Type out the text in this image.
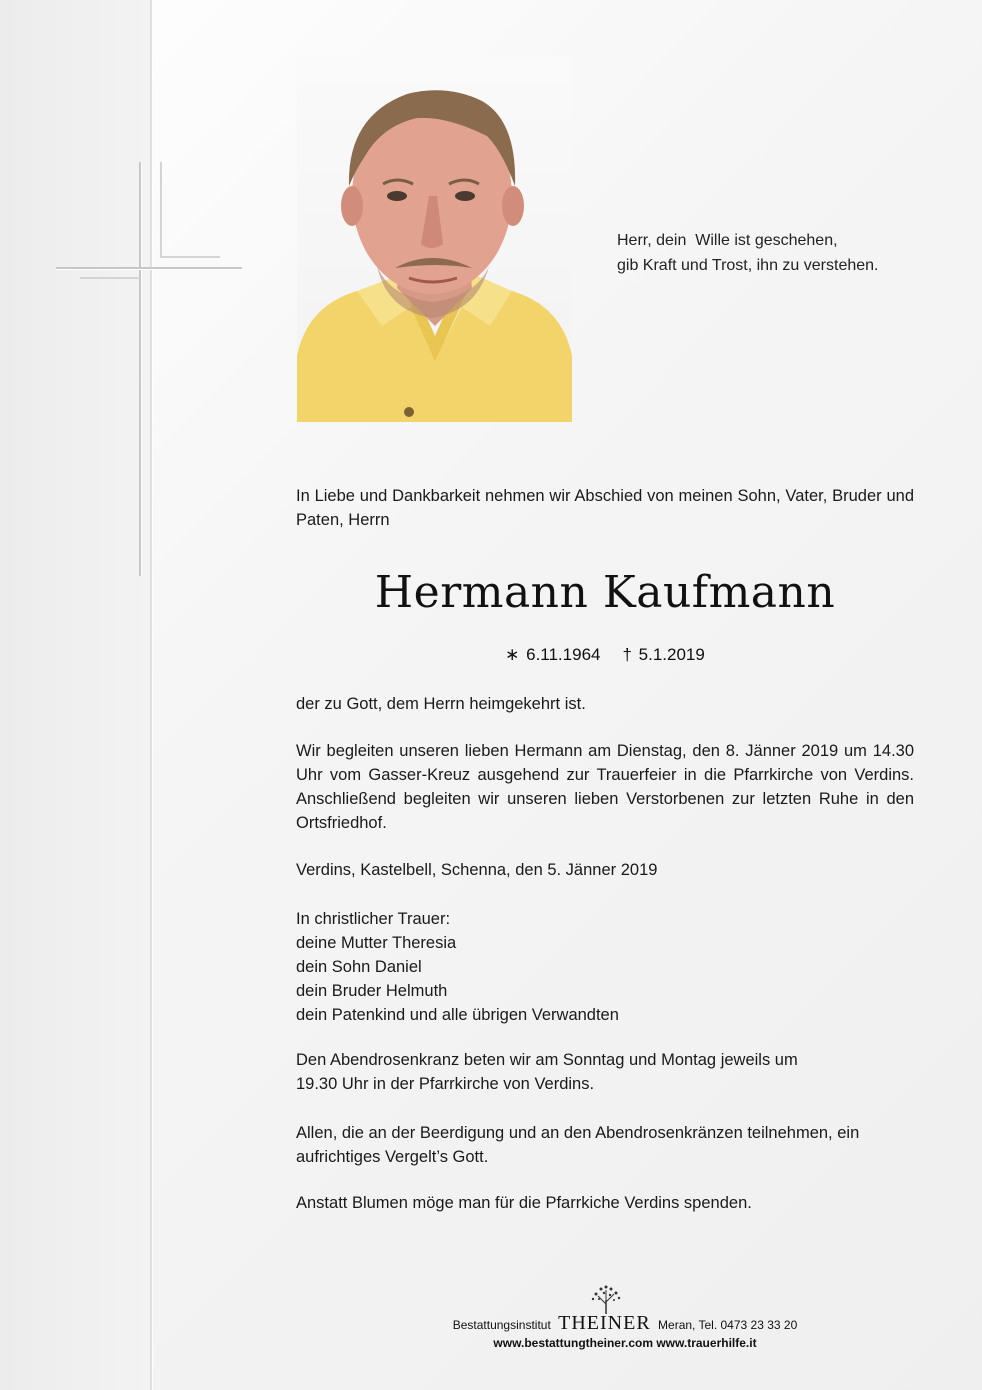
Herr, dein  Wille ist geschehen,
gib Kraft und Trost, ihn zu verstehen.
In Liebe und Dankbarkeit nehmen wir Abschied von meinen Sohn, Vater, Bruder und Paten, Herrn
Hermann Kaufmann
∗ 6.11.1964 † 5.1.2019
der zu Gott, dem Herrn heimgekehrt ist.
Wir begleiten unseren lieben Hermann am Dienstag, den 8. Jänner 2019 um 14.30 Uhr vom Gasser-Kreuz ausgehend zur Trauerfeier in die Pfarrkirche von Verdins. Anschließend begleiten wir unseren lieben Verstorbenen zur letzten Ruhe in den Ortsfriedhof.
Verdins, Kastelbell, Schenna, den 5. Jänner 2019
In christlicher Trauer:
deine Mutter Theresia
dein Sohn Daniel
dein Bruder Helmuth
dein Patenkind und alle übrigen Verwandten
Den Abendrosenkranz beten wir am Sonntag und Montag jeweils um
19.30 Uhr in der Pfarrkirche von Verdins.
Allen, die an der Beerdigung und an den Abendrosenkränzen teilnehmen, ein
aufrichtiges Vergelt’s Gott.
Anstatt Blumen möge man für die Pfarrkiche Verdins spenden.
Bestattungsinstitut THEINER Meran, Tel. 0473 23 33 20
www.bestattungtheiner.com www.trauerhilfe.it
